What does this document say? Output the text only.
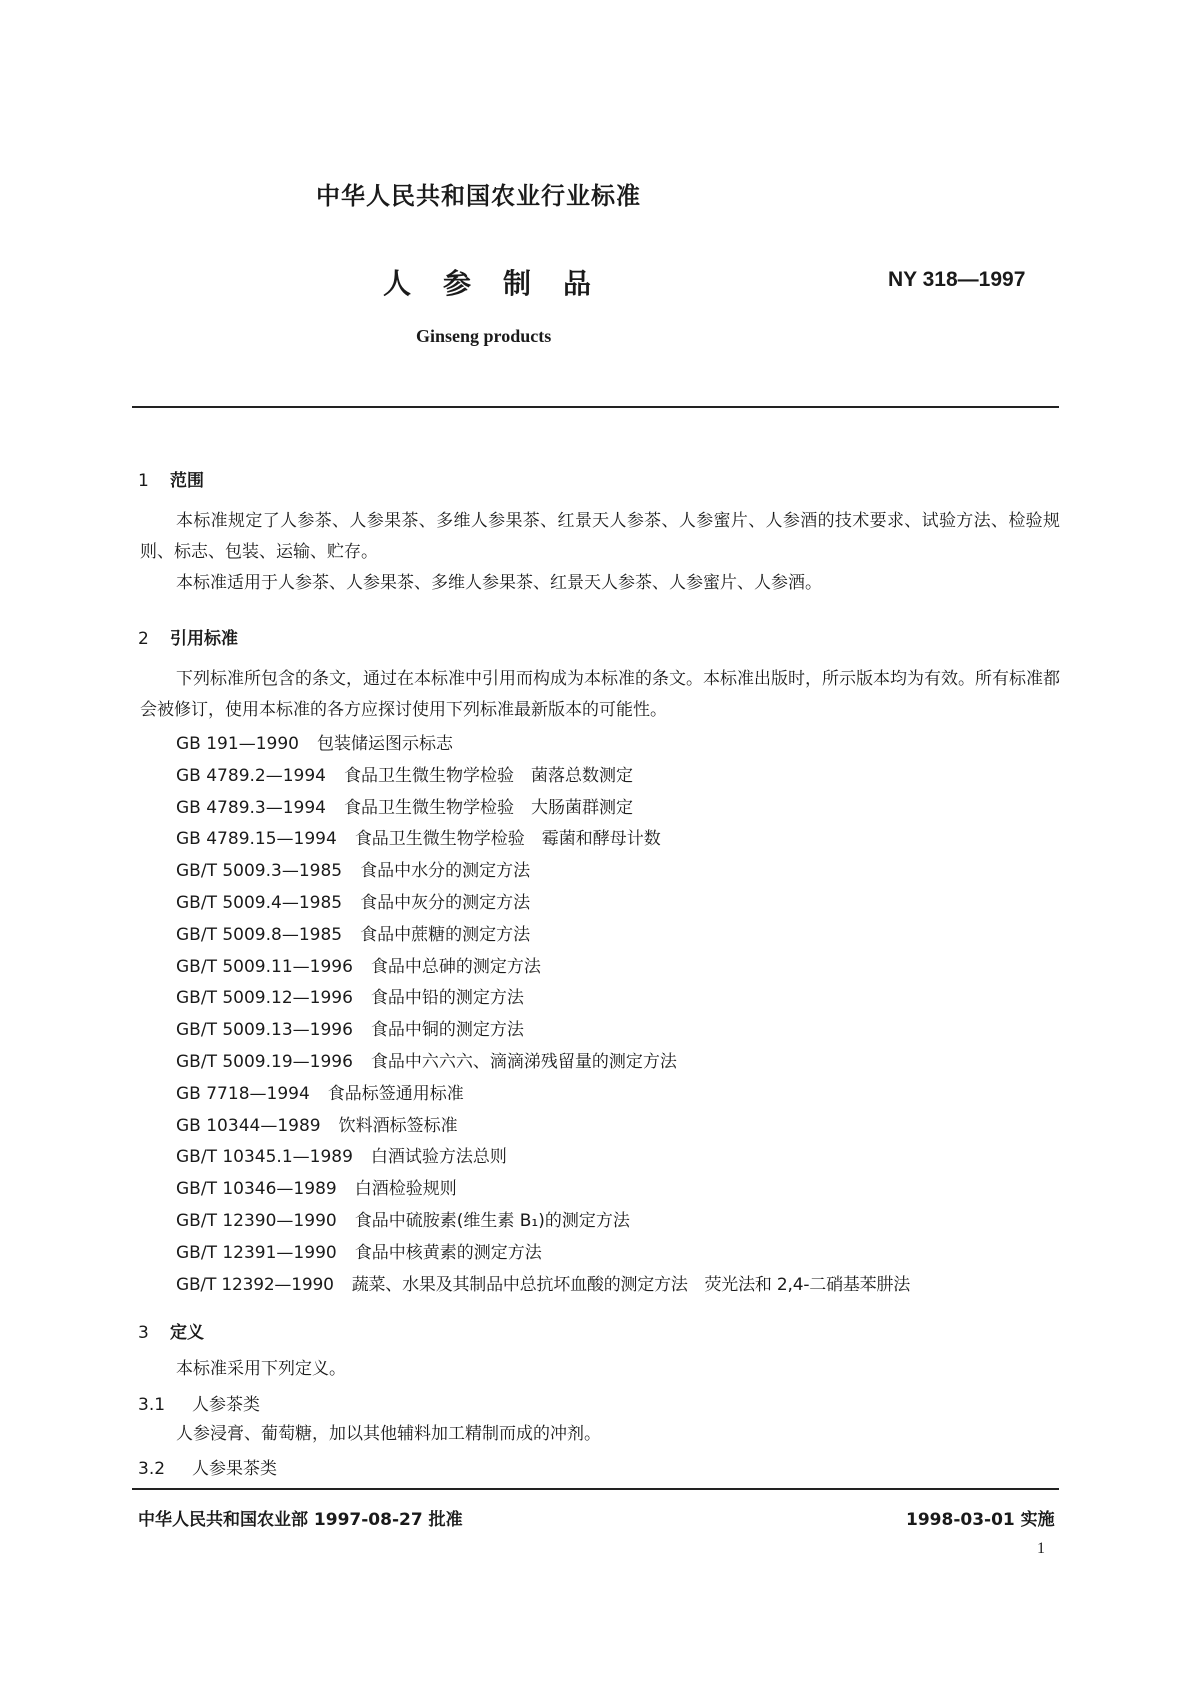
中华人民共和国农业行业标准
人参制品	NY 318—1997
Ginseng products
1 范围
本标准规定了人参茶、人参果茶、多维人参果茶、红景天人参茶、人参蜜片、人参酒的技术要求、试验方法、检验规则、标志、包装、运输、贮存。
本标准适用于人参茶、人参果茶、多维人参果茶、红景天人参茶、人参蜜片、人参酒。
2 引用标准
下列标准所包含的条文，通过在本标准中引用而构成为本标准的条文。本标准出版时，所示版本均为有效。所有标准都会被修订，使用本标准的各方应探讨使用下列标准最新版本的可能性。
GB 191—1990 包装储运图示标志
GB 4789.2—1994 食品卫生微生物学检验　菌落总数测定
GB 4789.3—1994 食品卫生微生物学检验　大肠菌群测定
GB 4789.15—1994 食品卫生微生物学检验　霉菌和酵母计数
GB/T 5009.3—1985 食品中水分的测定方法
GB/T 5009.4—1985 食品中灰分的测定方法
GB/T 5009.8—1985 食品中蔗糖的测定方法
GB/T 5009.11—1996 食品中总砷的测定方法
GB/T 5009.12—1996 食品中铅的测定方法
GB/T 5009.13—1996 食品中铜的测定方法
GB/T 5009.19—1996 食品中六六六、滴滴涕残留量的测定方法
GB 7718—1994 食品标签通用标准
GB 10344—1989 饮料酒标签标准
GB/T 10345.1—1989 白酒试验方法总则
GB/T 10346—1989 白酒检验规则
GB/T 12390—1990 食品中硫胺素(维生素 B₁)的测定方法
GB/T 12391—1990 食品中核黄素的测定方法
GB/T 12392—1990 蔬菜、水果及其制品中总抗坏血酸的测定方法　荧光法和 2,4-二硝基苯肼法
3 定义
本标准采用下列定义。
3.1 人参茶类
人参浸膏、葡萄糖，加以其他辅料加工精制而成的冲剂。
3.2 人参果茶类
中华人民共和国农业部 1997-08-27 批准	1998-03-01 实施
1
